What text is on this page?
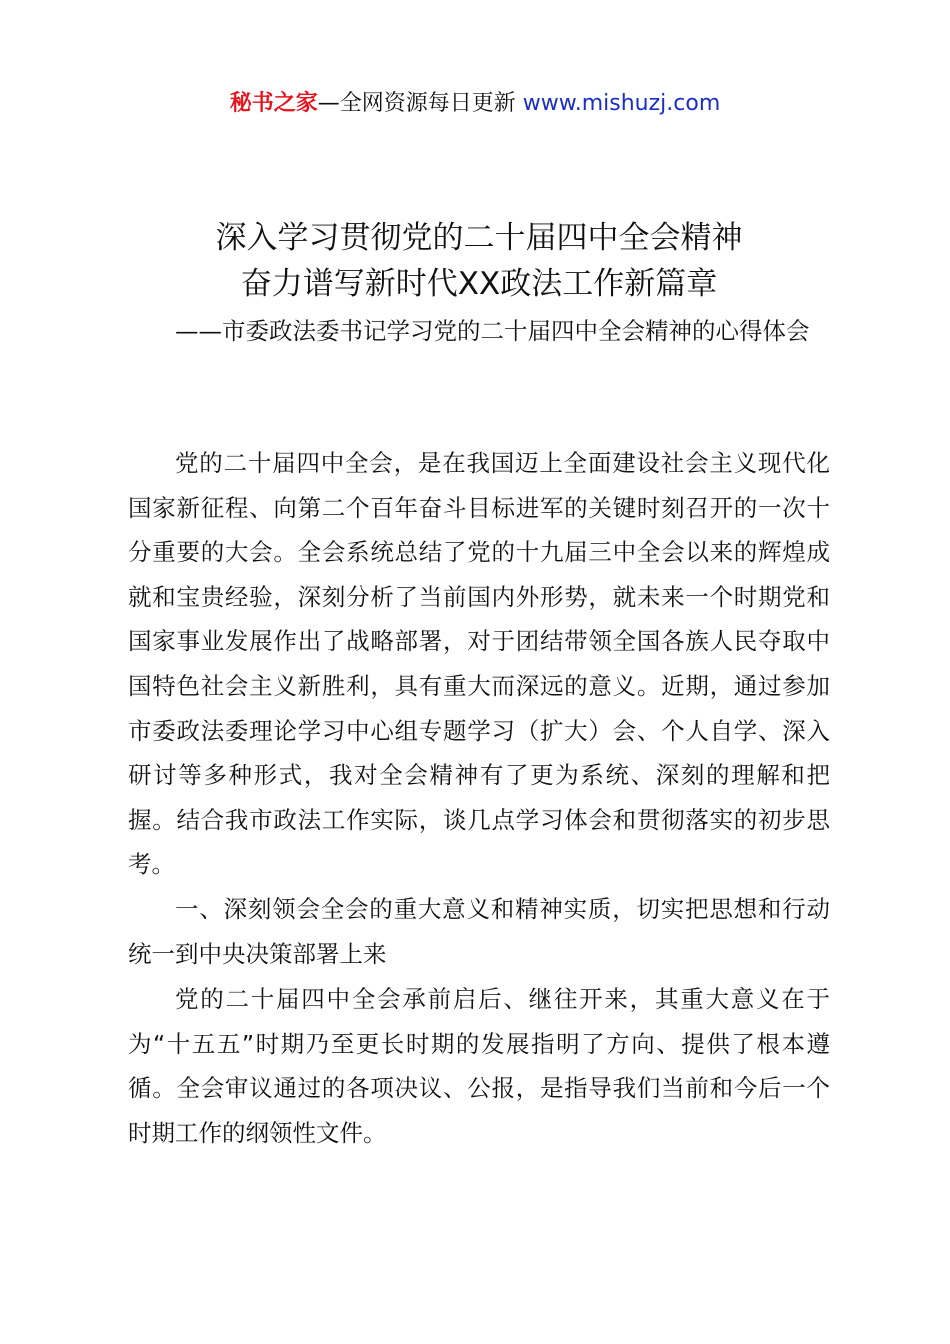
秘书之家—全网资源每日更新 www.mishuzj.com
深入学习贯彻党的二十届四中全会精神
奋力谱写新时代XX政法工作新篇章

——市委政法委书记学习党的二十届四中全会精神的心得体会

党的二十届四中全会，是在我国迈上全面建设社会主义现代化国家新征程、向第二个百年奋斗目标进军的关键时刻召开的一次十分重要的大会。全会系统总结了党的十九届三中全会以来的辉煌成就和宝贵经验，深刻分析了当前国内外形势，就未来一个时期党和国家事业发展作出了战略部署，对于团结带领全国各族人民夺取中国特色社会主义新胜利，具有重大而深远的意义。近期，通过参加市委政法委理论学习中心组专题学习（扩大）会、个人自学、深入研讨等多种形式，我对全会精神有了更为系统、深刻的理解和把握。结合我市政法工作实际，谈几点学习体会和贯彻落实的初步思考。

一、深刻领会全会的重大意义和精神实质，切实把思想和行动统一到中央决策部署上来

党的二十届四中全会承前启后、继往开来，其重大意义在于为“十五五”时期乃至更长时期的发展指明了方向、提供了根本遵循。全会审议通过的各项决议、公报，是指导我们当前和今后一个时期工作的纲领性文件。
